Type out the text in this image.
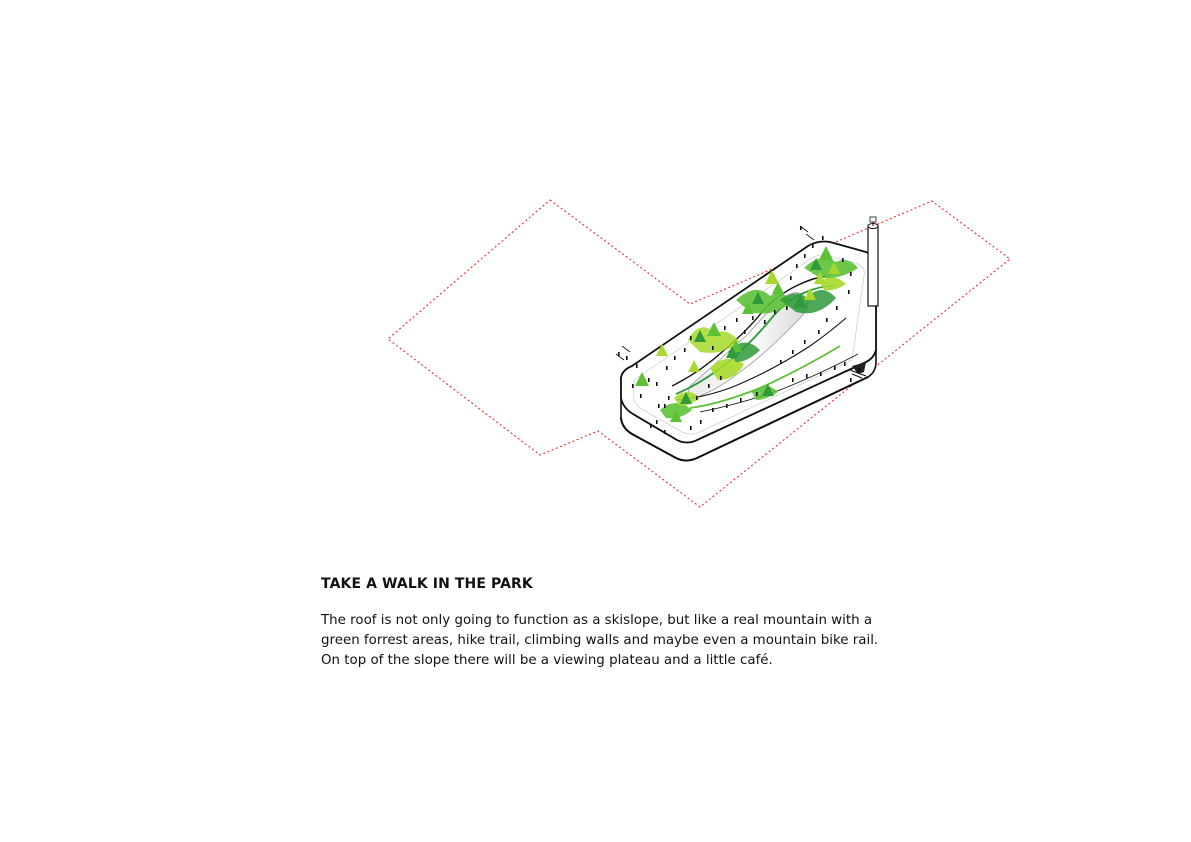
TAKE A WALK IN THE PARK

The roof is not only going to function as a skislope, but like a real mountain with a
green forrest areas, hike trail, climbing walls and maybe even a mountain bike rail.
On top of the slope there will be a viewing plateau and a little café.
